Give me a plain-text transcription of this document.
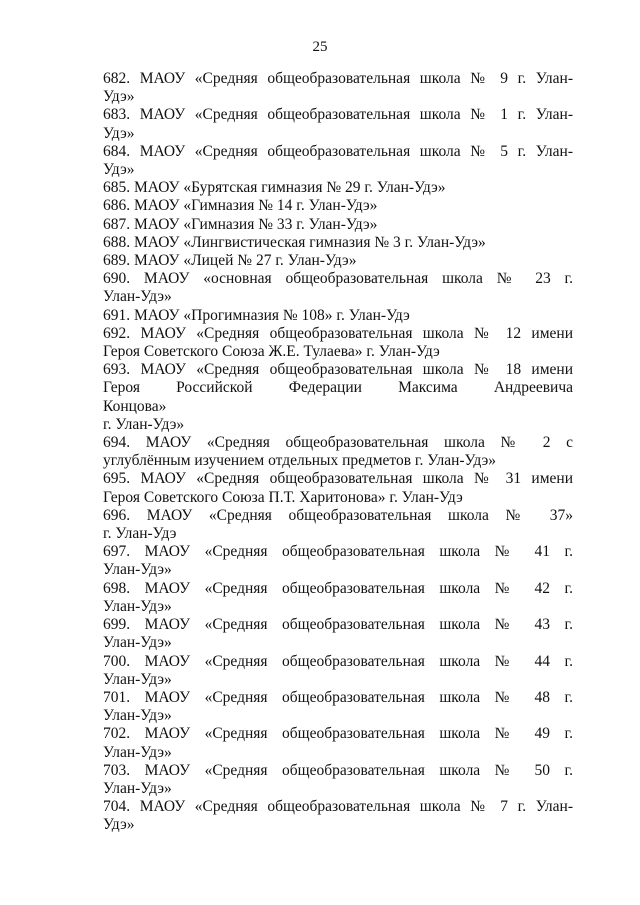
25
682. МАОУ «Средняя общеобразовательная школа № 9 г. Улан-
Удэ»
683. МАОУ «Средняя общеобразовательная школа № 1 г. Улан-
Удэ»
684. МАОУ «Средняя общеобразовательная школа № 5 г. Улан-
Удэ»
685. МАОУ «Бурятская гимназия № 29 г. Улан-Удэ»
686. МАОУ «Гимназия № 14 г. Улан-Удэ»
687. МАОУ «Гимназия № 33 г. Улан-Удэ»
688. МАОУ «Лингвистическая гимназия № 3 г. Улан-Удэ»
689. МАОУ «Лицей № 27 г. Улан-Удэ»
690. МАОУ «основная общеобразовательная школа № 23 г.
Улан-Удэ»
691. МАОУ «Прогимназия № 108» г. Улан-Удэ
692. МАОУ «Средняя общеобразовательная школа № 12 имени
Героя Советского Союза Ж.Е. Тулаева» г. Улан-Удэ
693. МАОУ «Средняя общеобразовательная школа № 18 имени
Героя Российской Федерации Максима Андреевича
Концова»
г. Улан-Удэ»
694. МАОУ «Средняя общеобразовательная школа № 2 с
углублённым изучением отдельных предметов г. Улан-Удэ»
695. МАОУ «Средняя общеобразовательная школа № 31 имени
Героя Советского Союза П.Т. Харитонова» г. Улан-Удэ
696. МАОУ «Средняя общеобразовательная школа № 37»
г. Улан-Удэ
697. МАОУ «Средняя общеобразовательная школа № 41 г.
Улан-Удэ»
698. МАОУ «Средняя общеобразовательная школа № 42 г.
Улан-Удэ»
699. МАОУ «Средняя общеобразовательная школа № 43 г.
Улан-Удэ»
700. МАОУ «Средняя общеобразовательная школа № 44 г.
Улан-Удэ»
701. МАОУ «Средняя общеобразовательная школа № 48 г.
Улан-Удэ»
702. МАОУ «Средняя общеобразовательная школа № 49 г.
Улан-Удэ»
703. МАОУ «Средняя общеобразовательная школа № 50 г.
Улан-Удэ»
704. МАОУ «Средняя общеобразовательная школа № 7 г. Улан-
Удэ»
